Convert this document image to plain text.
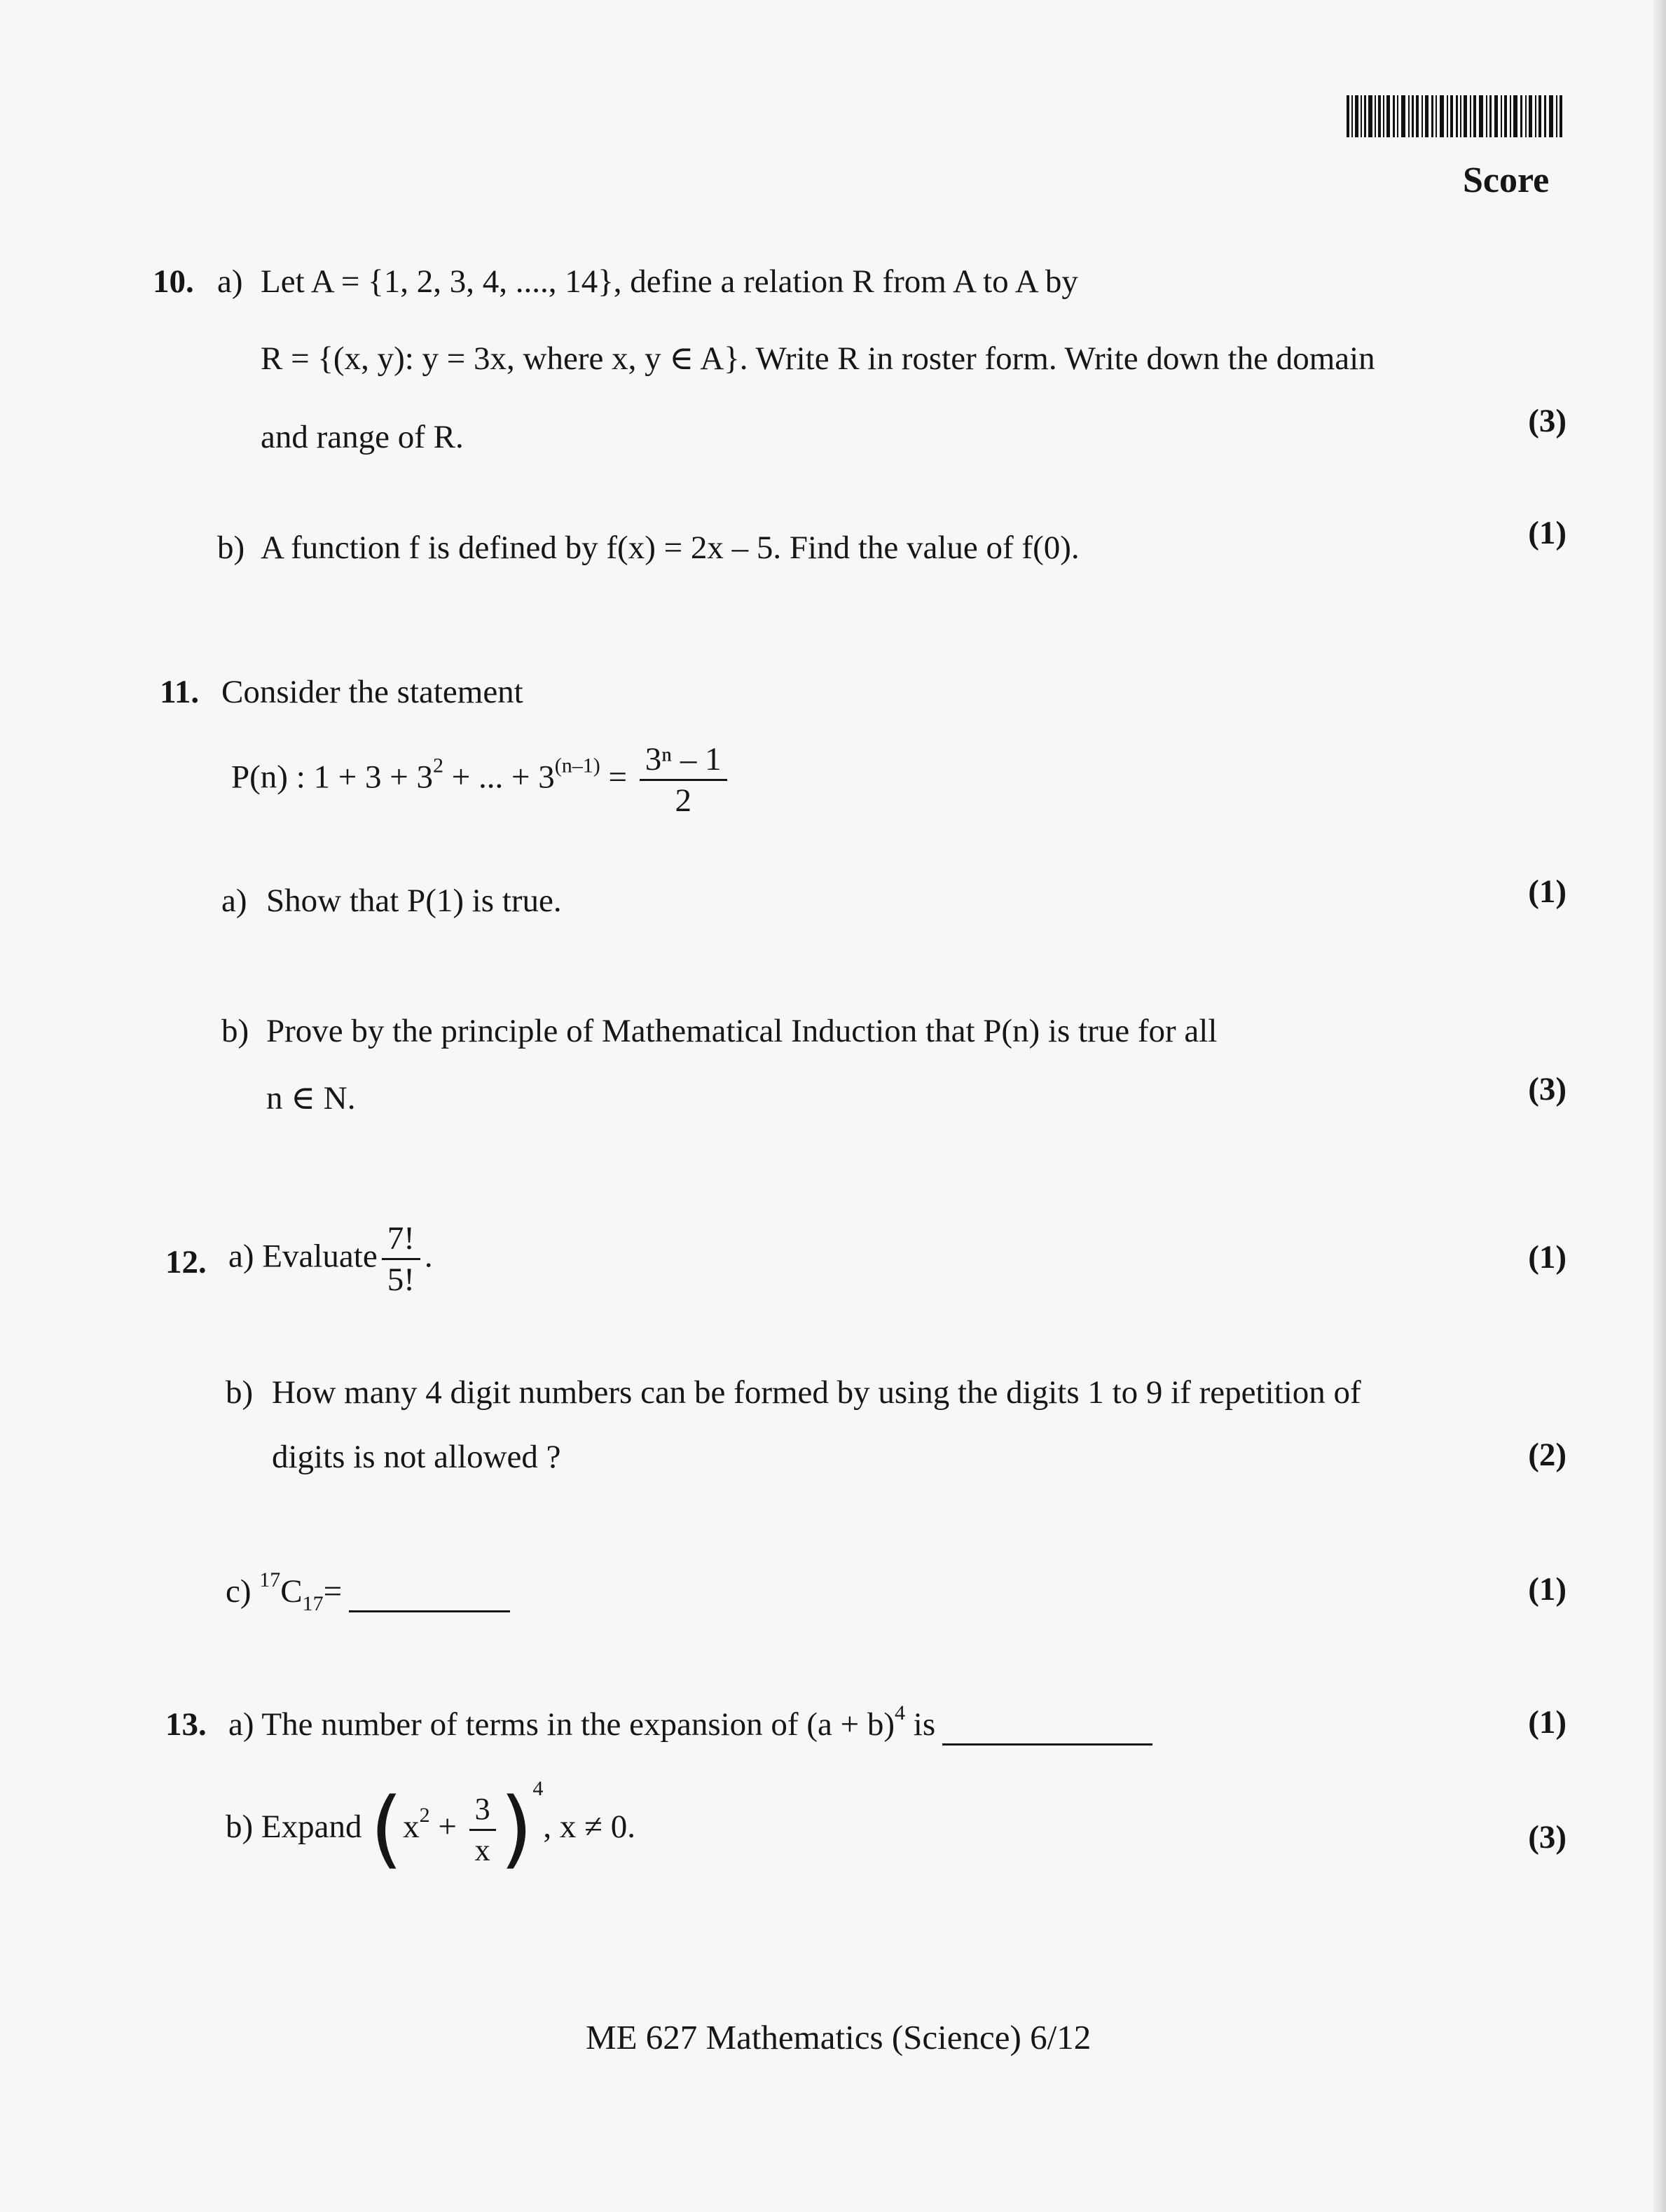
Score
10. a) Let A = {1, 2, 3, 4, ...., 14}, define a relation R from A to A by
R = {(x, y): y = 3x, where x, y ∈ A}. Write R in roster form. Write down the domain
and range of R.	(3)
b) A function f is defined by f(x) = 2x – 5. Find the value of f(0).	(1)
11. Consider the statement
P(n) : $1 + 3 + 3^2$ + ... + $3^{(n-1)} = \frac{\text{3ⁿ – 1}}{2}$
a) Show that P(1) is true.	(1)
b) Prove by the principle of Mathematical Induction that P(n) is true for all
n ∈ N.	(3)
12. a) Evaluate $\frac{7!}{5!}$ .	(1)
b) How many 4 digit numbers can be formed by using the digits 1 to 9 if repetition of
digits is not allowed ?	(2)
c) $^{17}C_{17}=$	(1)
13. a) The number of terms in the expansion of $(a + b)^4$ is	(1)
b) Expand $(x^2 + \frac{3}{x} )^4$, x ≠ 0.	(3)
ME 627 Mathematics (Science) 6/12
